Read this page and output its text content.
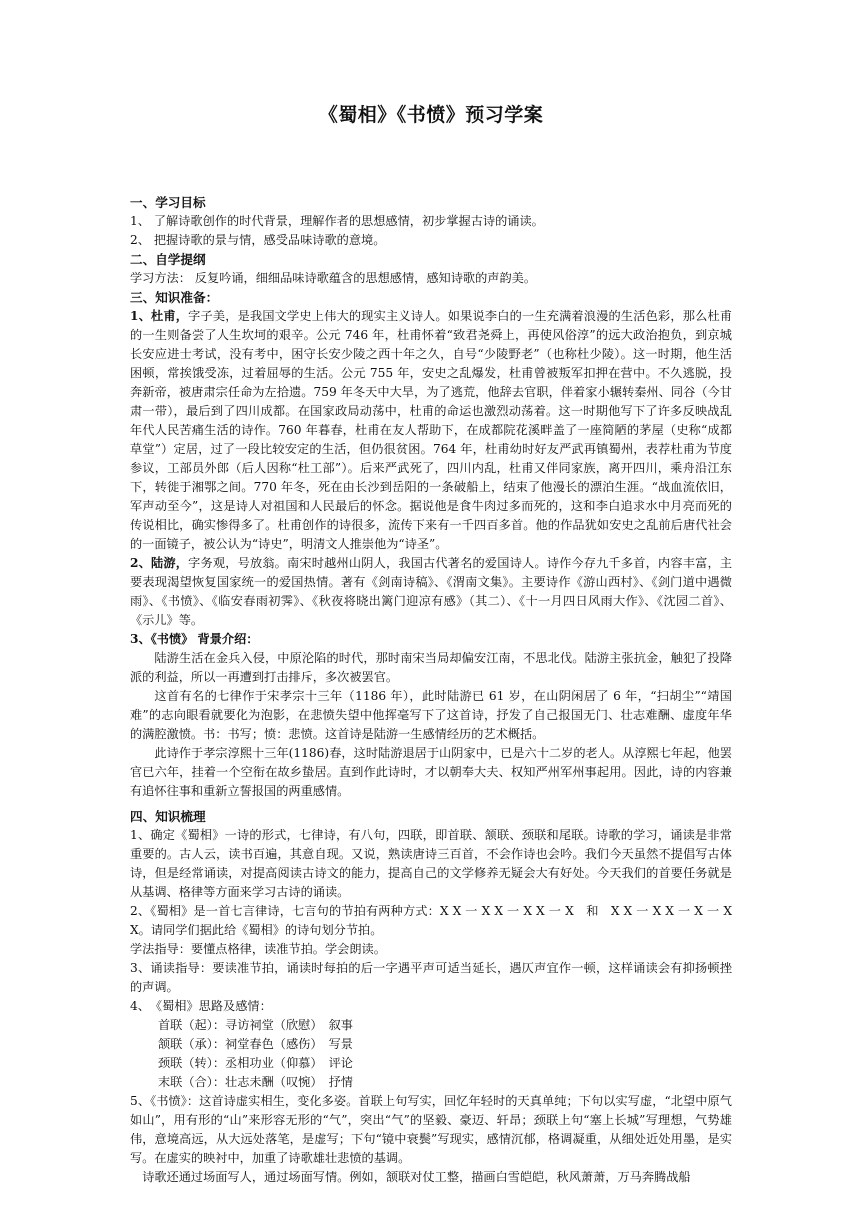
《蜀相》《书愤》预习学案

一、学习目标

1、 了解诗歌创作的时代背景，理解作者的思想感情，初步掌握古诗的诵读。

2、 把握诗歌的景与情，感受品味诗歌的意境。

二、自学提纲

学习方法： 反复吟诵，细细品味诗歌蕴含的思想感情，感知诗歌的声韵美。

三、知识准备：

1、杜甫，字子美，是我国文学史上伟大的现实主义诗人。如果说李白的一生充满着浪漫的生活色彩，那么杜甫的一生则备尝了人生坎坷的艰辛。公元 746 年，杜甫怀着“致君尧舜上，再使风俗淳”的远大政治抱负，到京城长安应进士考试，没有考中，困守长安少陵之西十年之久，自号“少陵野老”（也称杜少陵）。这一时期，他生活困顿，常挨饿受冻，过着屈辱的生活。公元 755 年，安史之乱爆发，杜甫曾被叛军扣押在营中。不久逃脱，投奔新帝，被唐肃宗任命为左拾遗。759 年冬天中大旱，为了逃荒，他辞去官职，伴着家小辗转秦州、同谷（今甘肃一带），最后到了四川成都。在国家政局动荡中，杜甫的命运也激烈动荡着。这一时期他写下了许多反映战乱年代人民苦痛生活的诗作。760 年暮春，杜甫在友人帮助下，在成都院花溪畔盖了一座简陋的茅屋（史称“成都草堂”）定居，过了一段比较安定的生活，但仍很贫困。764 年，杜甫幼时好友严武再镇蜀州，表荐杜甫为节度参议，工部员外郎（后人因称“杜工部”）。后来严武死了，四川内乱，杜甫又伴同家族，离开四川，乘舟沿江东下，转徙于湘鄂之间。770 年冬，死在由长沙到岳阳的一条破船上，结束了他漫长的漂泊生涯。“战血流依旧，军声动至今”，这是诗人对祖国和人民最后的怀念。据说他是食牛肉过多而死的，这和李白追求水中月亮而死的传说相比，确实惨得多了。杜甫创作的诗很多，流传下来有一千四百多首。他的作品犹如安史之乱前后唐代社会的一面镜子，被公认为“诗史”，明清文人推崇他为“诗圣”。

2、陆游，字务观，号放翁。南宋时越州山阴人，我国古代著名的爱国诗人。诗作今存九千多首，内容丰富，主要表现渴望恢复国家统一的爱国热情。著有《剑南诗稿》、《渭南文集》。主要诗作《游山西村》、《剑门道中遇微雨》、《书愤》、《临安春雨初霁》、《秋夜将晓出篱门迎凉有感》（其二）、《十一月四日风雨大作》、《沈园二首》、《示儿》等。

3、《书愤》 背景介绍：

陆游生活在金兵入侵，中原沦陷的时代，那时南宋当局却偏安江南，不思北伐。陆游主张抗金，触犯了投降派的利益，所以一再遭到打击排斥，多次被罢官。

这首有名的七律作于宋孝宗十三年（1186 年），此时陆游已 61 岁，在山阴闲居了 6 年，“扫胡尘”“靖国难”的志向眼看就要化为泡影，在悲愤失望中他挥毫写下了这首诗，抒发了自己报国无门、壮志难酬、虚度年华的满腔激愤。书：书写；愤：悲愤。这首诗是陆游一生感情经历的艺术概括。

此诗作于孝宗淳熙十三年(1186)春，这时陆游退居于山阴家中，已是六十二岁的老人。从淳熙七年起，他罢官已六年，挂着一个空衔在故乡蛰居。直到作此诗时，才以朝奉大夫、权知严州军州事起用。因此，诗的内容兼有追怀往事和重新立誓报国的两重感情。

四、知识梳理

1、确定《蜀相》一诗的形式，七律诗，有八句，四联，即首联、颔联、颈联和尾联。诗歌的学习，诵读是非常重要的。古人云，读书百遍，其意自现。又说，熟读唐诗三百首，不会作诗也会吟。我们今天虽然不提倡写古体诗，但是经常诵读，对提高阅读古诗文的能力，提高自己的文学修养无疑会大有好处。今天我们的首要任务就是从基调、格律等方面来学习古诗的诵读。

2、《蜀相》是一首七言律诗，七言句的节拍有两种方式：X X 一 X X 一 X X 一 X　和　X X 一 X X 一 X 一 X X。请同学们据此给《蜀相》的诗句划分节拍。

学法指导：要懂点格律，读准节拍。学会朗读。

3、诵读指导：要读准节拍，诵读时每拍的后一字遇平声可适当延长，遇仄声宜作一顿，这样诵读会有抑扬顿挫的声调。

4、　《蜀相》思路及感情：

首联（起）：寻访祠堂（欣慰）　叙事

颔联（承）：祠堂春色（感伤）　写景

颈联（转）：丞相功业（仰慕）　评论

末联（合）：壮志未酬（叹惋）　抒情

5、《书愤》：这首诗虚实相生，变化多姿。首联上句写实，回忆年轻时的天真单纯；下句以实写虚，“北望中原气如山”，用有形的“山”来形容无形的“气”，突出“气”的坚毅、豪迈、轩昂；颈联上句“塞上长城”写理想，气势雄伟，意境高远，从大远处落笔，是虚写；下句“镜中衰鬓”写现实，感情沉郁，格调凝重，从细处近处用墨，是实写。在虚实的映衬中，加重了诗歌雄壮悲愤的基调。

诗歌还通过场面写人，通过场面写情。例如，颔联对仗工整，描画白雪皑皑，秋风萧萧，万马奔腾战船
